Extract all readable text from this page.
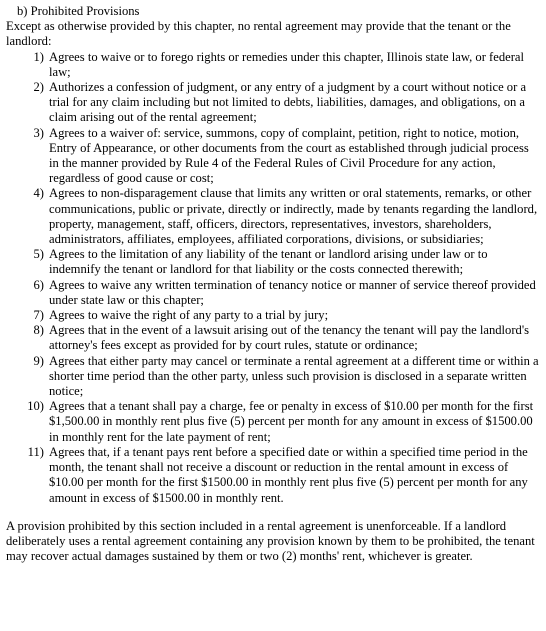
b) Prohibited Provisions

Except as otherwise provided by this chapter, no rental agreement may provide that the tenant or the landlord:

1) Agrees to waive or to forego rights or remedies under this chapter, Illinois state law, or federal law;
2) Authorizes a confession of judgment, or any entry of a judgment by a court without notice or a trial for any claim including but not limited to debts, liabilities, damages, and obligations, on a claim arising out of the rental agreement;
3) Agrees to a waiver of: service, summons, copy of complaint, petition, right to notice, motion, Entry of Appearance, or other documents from the court as established through judicial process in the manner provided by Rule 4 of the Federal Rules of Civil Procedure for any action, regardless of good cause or cost;
4) Agrees to non-disparagement clause that limits any written or oral statements, remarks, or other communications, public or private, directly or indirectly, made by tenants regarding the landlord, property, management, staff, officers, directors, representatives, investors, shareholders, administrators, affiliates, employees, affiliated corporations, divisions, or subsidiaries;
5) Agrees to the limitation of any liability of the tenant or landlord arising under law or to indemnify the tenant or landlord for that liability or the costs connected therewith;
6) Agrees to waive any written termination of tenancy notice or manner of service thereof provided under state law or this chapter;
7) Agrees to waive the right of any party to a trial by jury;
8) Agrees that in the event of a lawsuit arising out of the tenancy the tenant will pay the landlord's attorney's fees except as provided for by court rules, statute or ordinance;
9) Agrees that either party may cancel or terminate a rental agreement at a different time or within a shorter time period than the other party, unless such provision is disclosed in a separate written notice;
10) Agrees that a tenant shall pay a charge, fee or penalty in excess of $10.00 per month for the first $1,500.00 in monthly rent plus five (5) percent per month for any amount in excess of $1500.00 in monthly rent for the late payment of rent;
11) Agrees that, if a tenant pays rent before a specified date or within a specified time period in the month, the tenant shall not receive a discount or reduction in the rental amount in excess of $10.00 per month for the first $1500.00 in monthly rent plus five (5) percent per month for any amount in excess of $1500.00 in monthly rent.

A provision prohibited by this section included in a rental agreement is unenforceable. If a landlord deliberately uses a rental agreement containing any provision known by them to be prohibited, the tenant may recover actual damages sustained by them or two (2) months' rent, whichever is greater.
